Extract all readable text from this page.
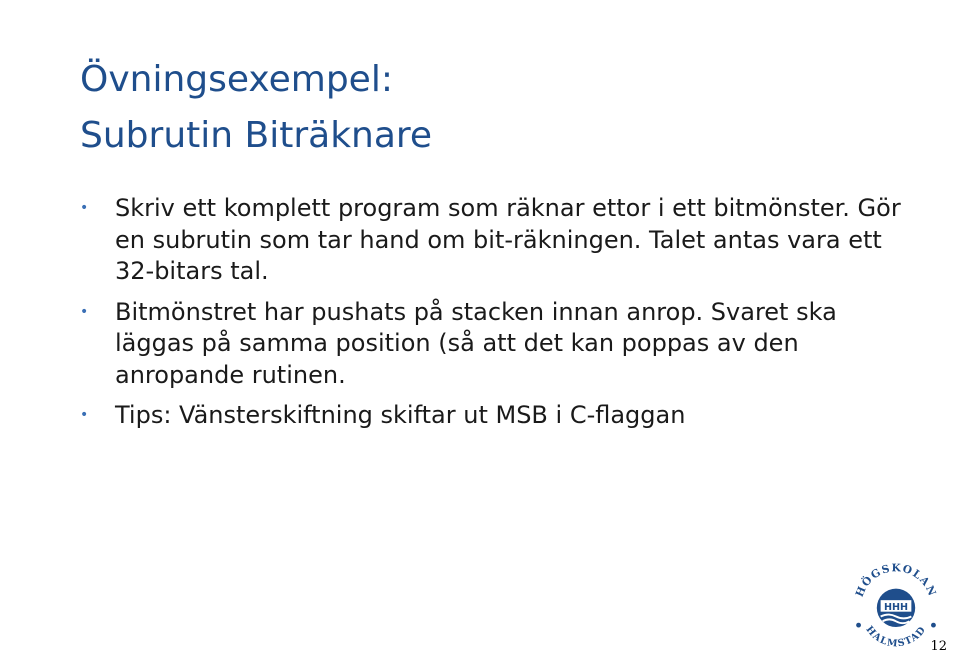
Övningsexempel:
Subrutin Biträknare
•	Skriv ett komplett program som räknar ettor i ett bitmönster. Gör en subrutin som tar hand om bit-räkningen. Talet antas vara ett 32-bitars tal.
•	Bitmönstret har pushats på stacken innan anrop. Svaret ska läggas på samma position (så att det kan poppas av den anropande rutinen.
•	Tips: Vänsterskiftning skiftar ut MSB i C-flaggan
HÖGSKOLAN
HALMSTAD
HHH
12
